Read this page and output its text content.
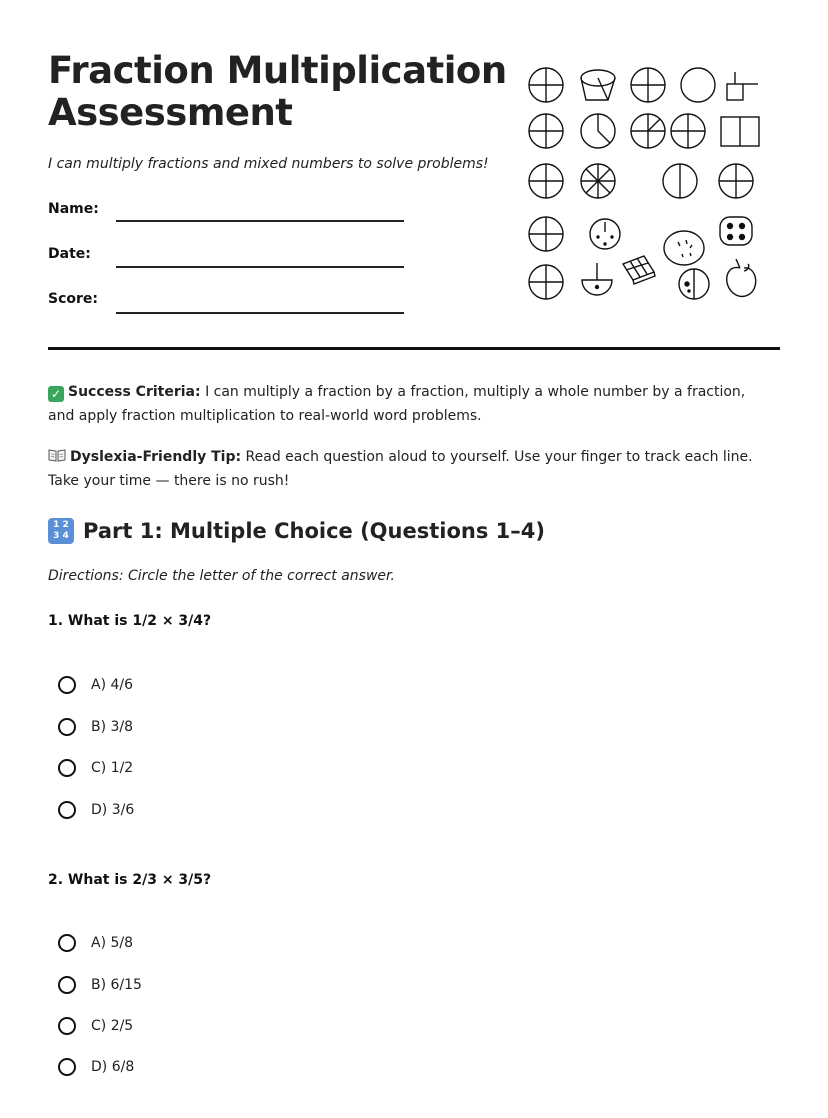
Fraction Multiplication
Assessment
I can multiply fractions and mixed numbers to solve problems!
Name:
Date:
Score:
✓ Success Criteria: I can multiply a fraction by a fraction, multiply a whole number by a fraction, and apply fraction multiplication to real-world word problems.
Dyslexia-Friendly Tip: Read each question aloud to yourself. Use your finger to track each line. Take your time — there is no rush!
1 2
3 4 Part 1: Multiple Choice (Questions 1–4)
Directions: Circle the letter of the correct answer.
1. What is 1/2 × 3/4?
A) 4/6
B) 3/8
C) 1/2
D) 3/6
2. What is 2/3 × 3/5?
A) 5/8
B) 6/15
C) 2/5
D) 6/8
